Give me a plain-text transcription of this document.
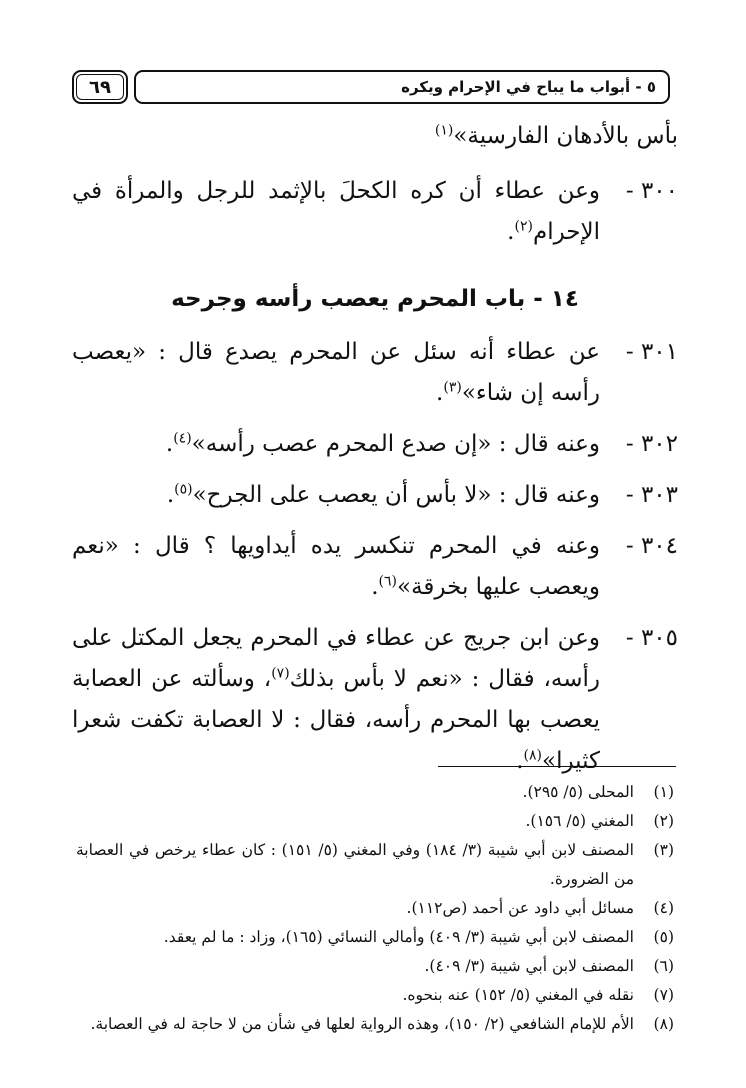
٦٩	٥ - أبواب ما يباح في الإحرام ويكره
بأس بالأدهان الفارسية»$^{(١)}$
٣٠٠ -
وعن عطاء أن كره الكحلَ بالإثمد للرجل والمرأة في الإحرام$^{(٢)}$.
١٤ - باب المحرم يعصب رأسه وجرحه
٣٠١ -
عن عطاء أنه سئل عن المحرم يصدع قال : «يعصب رأسه إن شاء»$^{(٣)}$.
٣٠٢ -
وعنه قال : «إن صدع المحرم عصب رأسه»$^{(٤)}$.
٣٠٣ -
وعنه قال : «لا بأس أن يعصب على الجرح»$^{(٥)}$.
٣٠٤ -
وعنه في المحرم تنكسر يده أيداويها ؟ قال : «نعم ويعصب عليها بخرقة»$^{(٦)}$.
٣٠٥ -
وعن ابن جريج عن عطاء في المحرم يجعل المكتل على رأسه، فقال : «نعم لا بأس بذلك$^{(٧)}$، وسألته عن العصابة يعصب بها المحرم رأسه، فقال : لا العصابة تكفت شعرا كثيرا»$^{(٨)}$.
(١)
المحلى (٥/ ٢٩٥).
(٢)
المغني (٥/ ١٥٦).
(٣)
المصنف لابن أبي شيبة (٣/ ١٨٤) وفي المغني (٥/ ١٥١) : كان عطاء يرخص في العصابة من الضرورة.
(٤)
مسائل أبي داود عن أحمد (ص١١٢).
(٥)
المصنف لابن أبي شيبة (٣/ ٤٠٩) وأمالي النسائي (١٦٥)، وزاد : ما لم يعقد.
(٦)
المصنف لابن أبي شيبة (٣/ ٤٠٩).
(٧)
نقله في المغني (٥/ ١٥٢) عنه بنحوه.
(٨)
الأم للإمام الشافعي (٢/ ١٥٠)، وهذه الرواية لعلها في شأن من لا حاجة له في العصابة.
